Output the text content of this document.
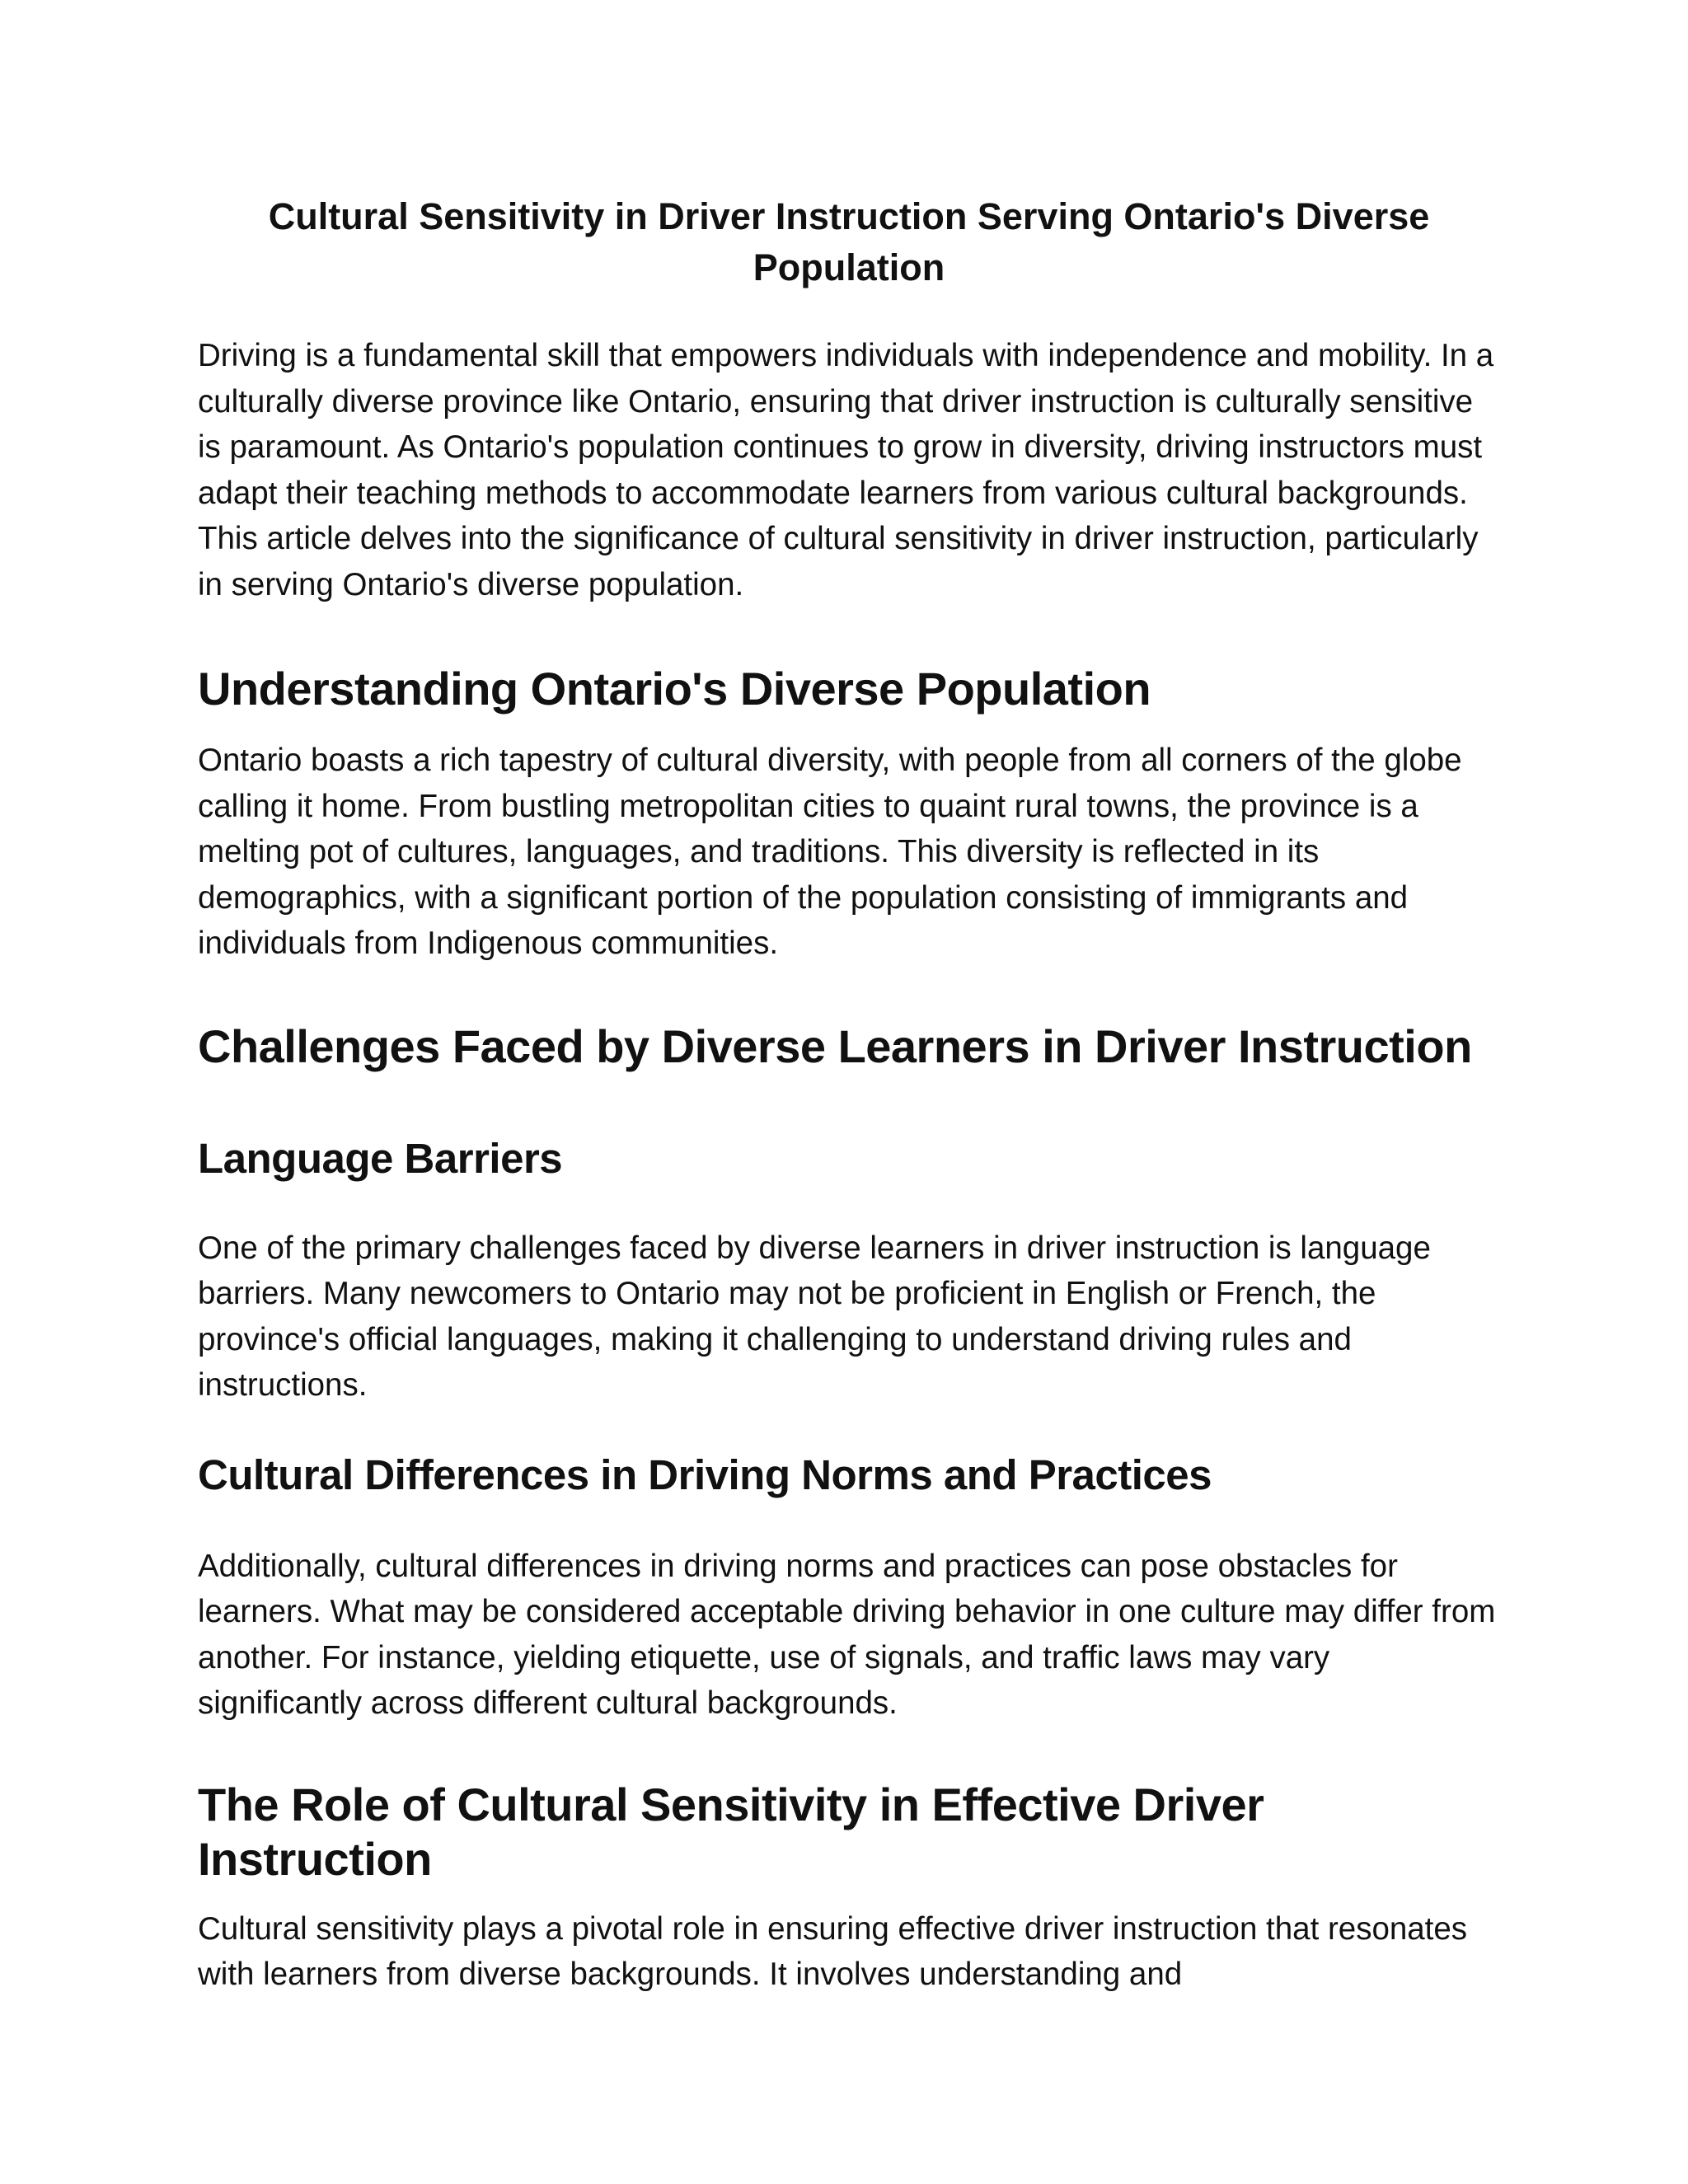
Cultural Sensitivity in Driver Instruction Serving Ontario's Diverse Population

Driving is a fundamental skill that empowers individuals with independence and mobility. In a culturally diverse province like Ontario, ensuring that driver instruction is culturally sensitive is paramount. As Ontario's population continues to grow in diversity, driving instructors must adapt their teaching methods to accommodate learners from various cultural backgrounds. This article delves into the significance of cultural sensitivity in driver instruction, particularly in serving Ontario's diverse population.

Understanding Ontario's Diverse Population

Ontario boasts a rich tapestry of cultural diversity, with people from all corners of the globe calling it home. From bustling metropolitan cities to quaint rural towns, the province is a melting pot of cultures, languages, and traditions. This diversity is reflected in its demographics, with a significant portion of the population consisting of immigrants and individuals from Indigenous communities.

Challenges Faced by Diverse Learners in Driver Instruction
Language Barriers

One of the primary challenges faced by diverse learners in driver instruction is language barriers. Many newcomers to Ontario may not be proficient in English or French, the province's official languages, making it challenging to understand driving rules and instructions.

Cultural Differences in Driving Norms and Practices

Additionally, cultural differences in driving norms and practices can pose obstacles for learners. What may be considered acceptable driving behavior in one culture may differ from another. For instance, yielding etiquette, use of signals, and traffic laws may vary significantly across different cultural backgrounds.

The Role of Cultural Sensitivity in Effective Driver Instruction

Cultural sensitivity plays a pivotal role in ensuring effective driver instruction that resonates with learners from diverse backgrounds. It involves understanding and
